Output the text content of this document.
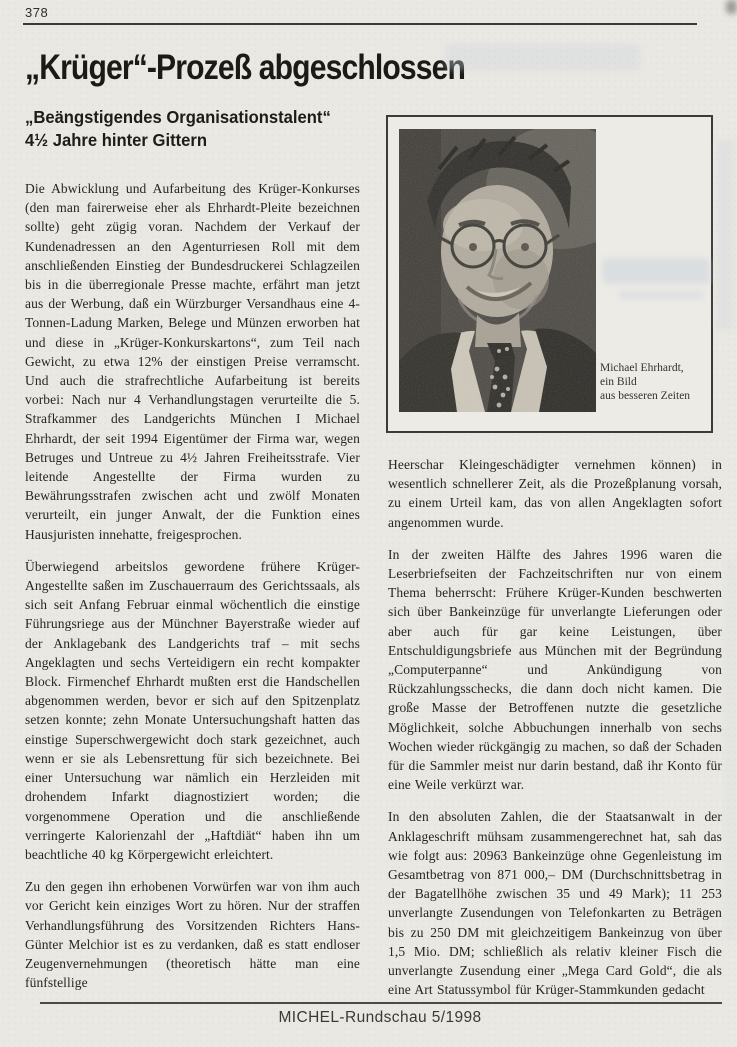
378
„Krüger“-Prozeß abgeschlossen
„Beängstigendes Organisationstalent“
4½ Jahre hinter Gittern

Die Abwicklung und Aufarbeitung des Krüger-Konkurses (den man fairerweise eher als Ehrhardt-Pleite bezeichnen sollte) geht zügig voran. Nachdem der Verkauf der Kundenadressen an den Agenturriesen Roll mit dem anschließenden Einstieg der Bundesdruckerei Schlagzeilen bis in die überregionale Presse machte, erfährt man jetzt aus der Werbung, daß ein Würzburger Versandhaus eine 4-Tonnen-Ladung Marken, Belege und Münzen erworben hat und diese in „Krüger-Konkurskartons“, zum Teil nach Gewicht, zu etwa 12% der einstigen Preise verramscht. Und auch die strafrechtliche Aufarbeitung ist bereits vorbei: Nach nur 4 Verhandlungstagen verurteilte die 5. Strafkammer des Landgerichts München I Michael Ehrhardt, der seit 1994 Eigentümer der Firma war, wegen Betruges und Untreue zu 4½ Jahren Freiheitsstrafe. Vier leitende Angestellte der Firma wurden zu Bewährungsstrafen zwischen acht und zwölf Monaten verurteilt, ein junger Anwalt, der die Funktion eines Hausjuristen innehatte, freigesprochen.

Überwiegend arbeitslos gewordene frühere Krüger-Angestellte saßen im Zuschauerraum des Gerichtssaals, als sich seit Anfang Februar einmal wöchentlich die einstige Führungsriege aus der Münchner Bayerstraße wieder auf der Anklagebank des Landgerichts traf – mit sechs Angeklagten und sechs Verteidigern ein recht kompakter Block. Firmenchef Ehrhardt mußten erst die Handschellen abgenommen werden, bevor er sich auf den Spitzenplatz setzen konnte; zehn Monate Untersuchungshaft hatten das einstige Superschwergewicht doch stark gezeichnet, auch wenn er sie als Lebensrettung für sich bezeichnete. Bei einer Untersuchung war nämlich ein Herzleiden mit drohendem Infarkt diagnostiziert worden; die vorgenommene Operation und die anschließende verringerte Kalorienzahl der „Haftdiät“ haben ihn um beachtliche 40 kg Körpergewicht erleichtert.

Zu den gegen ihn erhobenen Vorwürfen war von ihm auch vor Gericht kein einziges Wort zu hören. Nur der straffen Verhandlungsführung des Vorsitzenden Richters Hans-Günter Melchior ist es zu verdanken, daß es statt endloser Zeugenvernehmungen (theoretisch hätte man eine fünfstellige

Michael Ehrhardt,
ein Bild
aus besseren Zeiten

Heerschar Kleingeschädigter vernehmen können) in wesentlich schnellerer Zeit, als die Prozeßplanung vorsah, zu einem Urteil kam, das von allen Angeklagten sofort angenommen wurde.

In der zweiten Hälfte des Jahres 1996 waren die Leserbriefseiten der Fachzeitschriften nur von einem Thema beherrscht: Frühere Krüger-Kunden beschwerten sich über Bankeinzüge für unverlangte Lieferungen oder aber auch für gar keine Leistungen, über Entschuldigungsbriefe aus München mit der Begründung „Computerpanne“ und Ankündigung von Rückzahlungsschecks, die dann doch nicht kamen. Die große Masse der Betroffenen nutzte die gesetzliche Möglichkeit, solche Abbuchungen innerhalb von sechs Wochen wieder rückgängig zu machen, so daß der Schaden für die Sammler meist nur darin bestand, daß ihr Konto für eine Weile verkürzt war.

In den absoluten Zahlen, die der Staatsanwalt in der Anklageschrift mühsam zusammengerechnet hat, sah das wie folgt aus: 20963 Bankeinzüge ohne Gegenleistung im Gesamtbetrag von 871 000,– DM (Durchschnittsbetrag in der Bagatellhöhe zwischen 35 und 49 Mark); 11 253 unverlangte Zusendungen von Telefonkarten zu Beträgen bis zu 250 DM mit gleichzeitigem Bankeinzug von über 1,5 Mio. DM; schließlich als relativ kleiner Fisch die unverlangte Zusendung einer „Mega Card Gold“, die als eine Art Statussymbol für Krüger-Stammkunden gedacht

MICHEL-Rundschau 5/1998
